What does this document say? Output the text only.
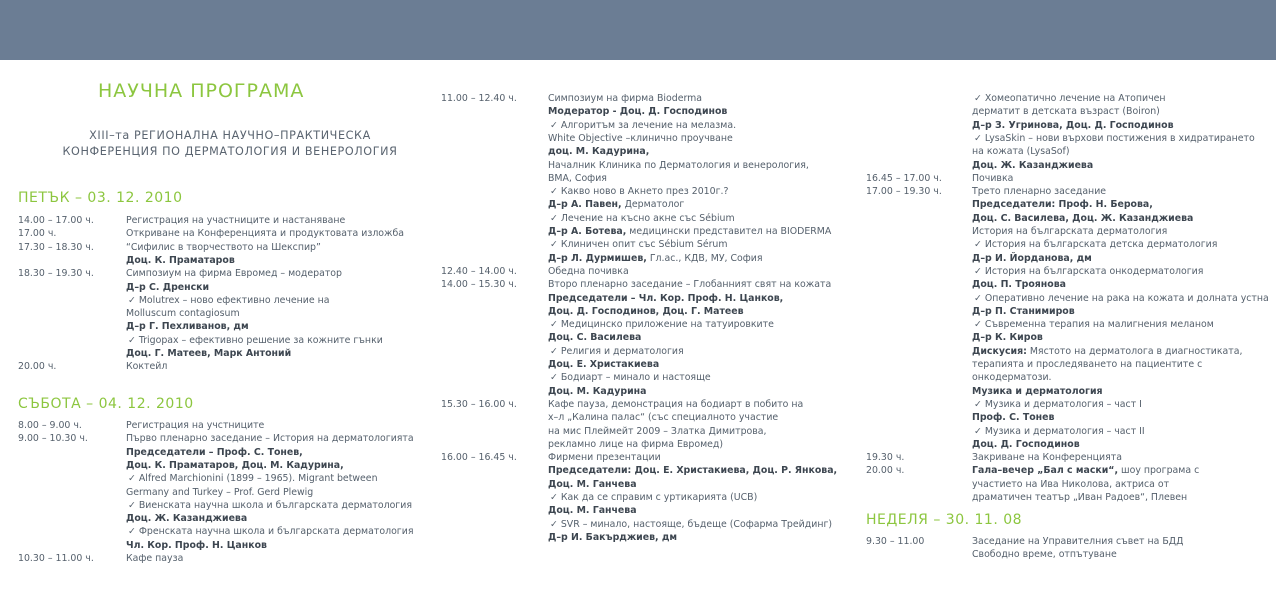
НАУЧНА ПРОГРАМА
XIII–та РЕГИОНАЛНА НАУЧНО–ПРАКТИЧЕСКА
КОНФЕРЕНЦИЯ ПО ДЕРМАТОЛОГИЯ И ВЕНЕРОЛОГИЯ
ПЕТЪК – 03. 12. 2010
14.00 – 17.00 ч.	Регистрация на участниците и настаняване
17.00 ч.	Откриване на Конференцията и продуктовата изложба
17.30 – 18.30 ч.	“Сифилис в творчеството на Шекспир”
Доц. К. Праматаров
18.30 – 19.30 ч.	Симпозиум на фирма Евромед – модератор
Д–р С. Дренски
✓ Molutrex – ново ефективно лечение на
Molluscum contagiosum
Д–р Г. Пехливанов, дм
✓ Trigopax – ефективно решение за кожните гънки
Доц. Г. Матеев, Марк Антоний
20.00 ч.	Коктейл
СЪБОТА – 04. 12. 2010
8.00 – 9.00 ч.	Регистрация на учстниците
9.00 – 10.30 ч.	Първо пленарно заседание – История на дерматологията
Председатели – Проф. С. Тонев,
Доц. К. Праматаров, Доц. М. Кадурина,
✓ Alfred Marchionini (1899 – 1965). Migrant between
Germany and Turkey – Prof. Gerd Plewig
✓ Виенската научна школа и българската дерматология
Доц. Ж. Казанджиева
✓ Френската научна школа и българската дерматология
Чл. Кор. Проф. Н. Цанков
10.30 – 11.00 ч.	Кафе пауза
11.00 – 12.40 ч.	Симпозиум на фирма Bioderma
Модератор - Доц. Д. Господинов
✓ Алгоритъм за лечение на мелазма.
White Objective –клинично проучване
доц. М. Кадурина,
Началник Клиника по Дерматология и венерология,
ВМА, София
✓ Какво ново в Акнето през 2010г.?
Д–р А. Павен, Дерматолог
✓ Лечение на късно акне със Sébium
Д–р А. Ботева, медицински представител на BIODERMA
✓ Клиничен опит със Sébium Sérum
Д–р Л. Дурмишев, Гл.ас., КДВ, МУ, София
12.40 – 14.00 ч.	Обедна почивка
14.00 – 15.30 ч.	Второ пленарно заседание – Глобанният свят на кожата
Председатели – Чл. Кор. Проф. Н. Цанков,
Доц. Д. Господинов, Доц. Г. Матеев
✓ Медицинско приложение на татуировките
Доц. С. Василева
✓ Религия и дерматология
Доц. Е. Христакиева
✓ Бодиарт – минало и настояще
Доц. М. Кадурина
15.30 – 16.00 ч.	Кафе пауза, демонстрация на бодиарт в побито на
х–л „Калина палас“ (със специалното участие
на мис Плеймейт 2009 – Златка Димитрова,
рекламно лице на фирма Евромед)
16.00 – 16.45 ч.	Фирмени презентации
Председатели: Доц. Е. Христакиева, Доц. Р. Янкова,
Доц. М. Ганчева
✓ Как да се справим с уртикарията (UCB)
Доц. М. Ганчева
✓ SVR – минало, настояще, бъдеще (Софарма Трейдинг)
Д–р И. Бакърджиев, дм
✓ Хомеопатично лечение на Атопичен
дерматит в детската възраст (Boiron)
Д–р З. Угринова, Доц. Д. Господинов
✓ LysaSkin – нови върхови постижения в хидратирането
на кожата (LysaSof)
Доц. Ж. Казанджиева
16.45 – 17.00 ч.	Почивка
17.00 – 19.30 ч.	Трето пленарно заседание
Председатели: Проф. Н. Берова,
Доц. С. Василева, Доц. Ж. Казанджиева
История на българската дерматология
✓ История на българската детска дерматология
Д–р И. Йорданова, дм
✓ История на българската онкодерматология
Доц. П. Троянова
✓ Оперативно лечение на рака на кожата и долната устна
Д–р П. Станимиров
✓ Съвременна терапия на малигнения меланом
Д–р К. Киров
Дискусия: Мястото на дерматолога в диагностиката,
терапията и проследяването на пациентите с
онкодерматози.
Музика и дерматология
✓ Музика и дерматология – част I
Проф. С. Тонев
✓ Музика и дерматология – част II
Доц. Д. Господинов
19.30 ч.	Закриване на Конференцията
20.00 ч.	Гала–вечер „Бал с маски“, шоу програма с
участието на Ива Николова, актриса от
драматичен театър „Иван Радоев“, Плевен
НЕДЕЛЯ – 30. 11. 08
9.30 – 11.00	Заседание на Управителния съвет на БДД
Свободно време, отпътуване
